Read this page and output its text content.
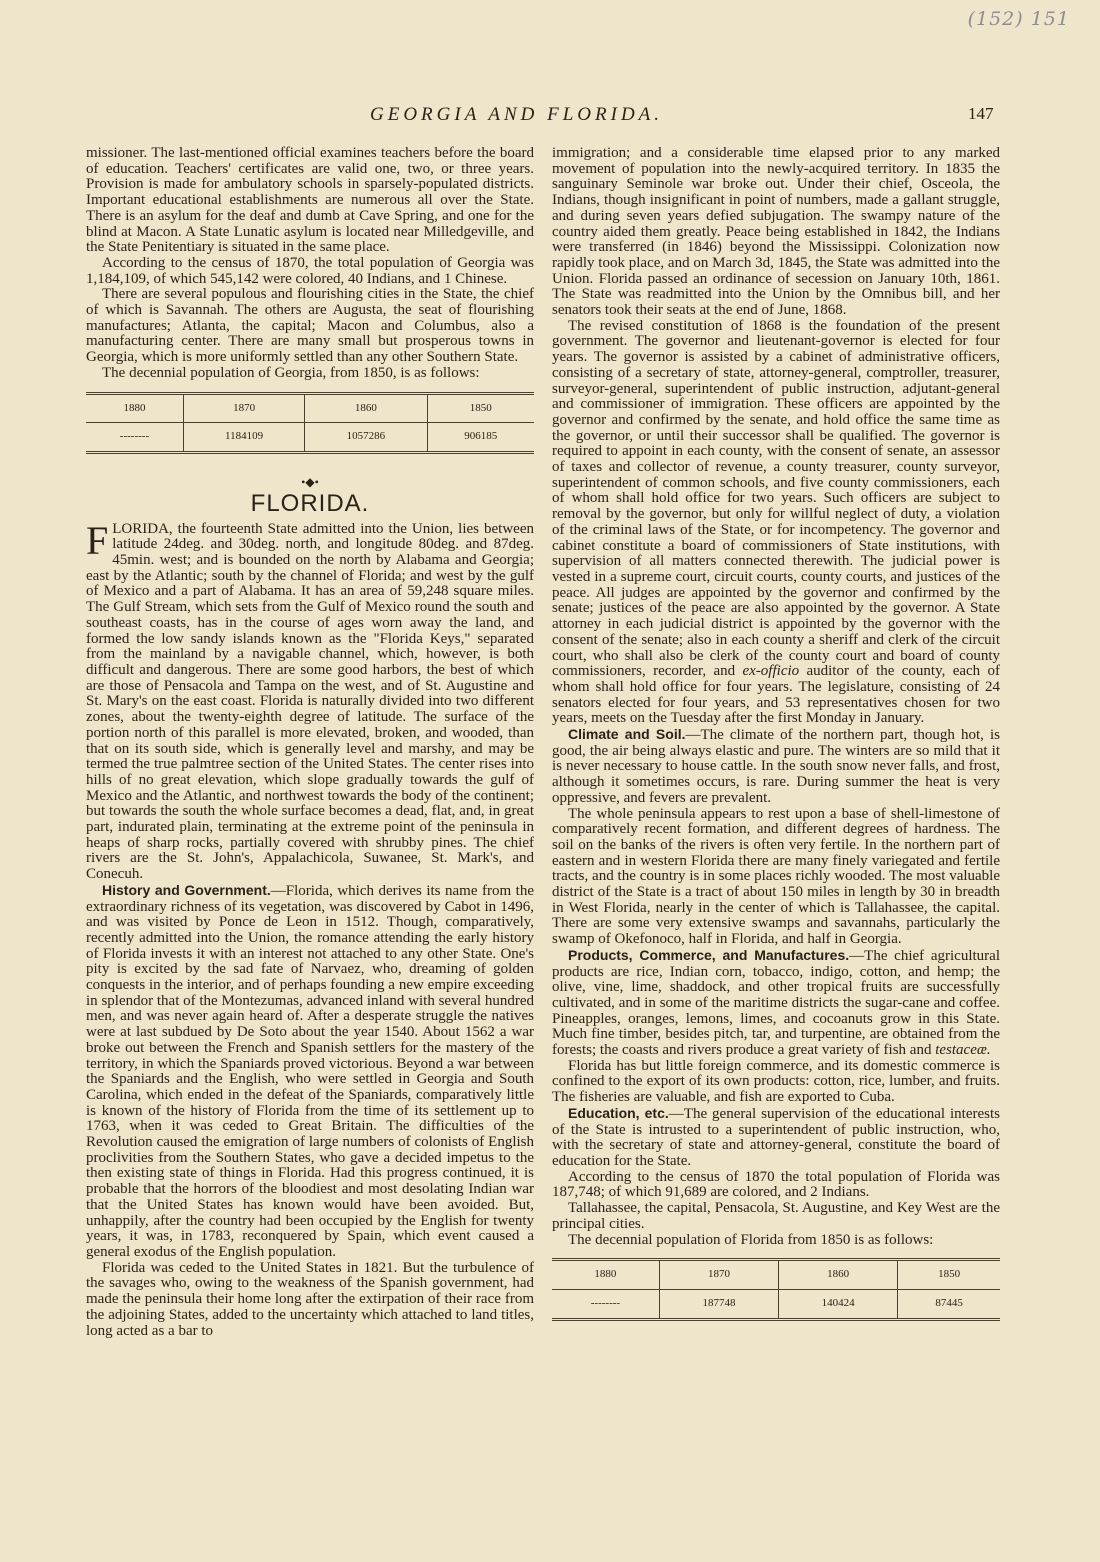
(152) 151
GEORGIA AND FLORIDA.	147

missioner. The last-mentioned official examines teachers before the board of education. Teachers' certificates are valid one, two, or three years. Provision is made for ambulatory schools in sparsely-populated districts. Important educational establishments are numerous all over the State. There is an asylum for the deaf and dumb at Cave Spring, and one for the blind at Macon. A State Lunatic asylum is located near Milledgeville, and the State Penitentiary is situated in the same place.

According to the census of 1870, the total population of Georgia was 1,184,109, of which 545,142 were colored, 40 Indians, and 1 Chinese.

There are several populous and flourishing cities in the State, the chief of which is Savannah. The others are Augusta, the seat of flourishing manufactures; Atlanta, the capital; Macon and Columbus, also a manufacturing center. There are many small but prosperous towns in Georgia, which is more uniformly settled than any other Southern State.

The decennial population of Georgia, from 1850, is as follows:

1880	1870	1860	1850
--------	1184109	1057286	906185
•◆•
FLORIDA.

FLORIDA, the fourteenth State admitted into the Union, lies between latitude 24deg. and 30deg. north, and longitude 80deg. and 87deg. 45min. west; and is bounded on the north by Alabama and Georgia; east by the Atlantic; south by the channel of Florida; and west by the gulf of Mexico and a part of Alabama. It has an area of 59,248 square miles. The Gulf Stream, which sets from the Gulf of Mexico round the south and southeast coasts, has in the course of ages worn away the land, and formed the low sandy islands known as the "Florida Keys," separated from the mainland by a navigable channel, which, however, is both difficult and dangerous. There are some good harbors, the best of which are those of Pensacola and Tampa on the west, and of St. Augustine and St. Mary's on the east coast. Florida is naturally divided into two different zones, about the twenty-eighth degree of latitude. The surface of the portion north of this parallel is more elevated, broken, and wooded, than that on its south side, which is generally level and marshy, and may be termed the true palmtree section of the United States. The center rises into hills of no great elevation, which slope gradually towards the gulf of Mexico and the Atlantic, and northwest towards the body of the continent; but towards the south the whole surface becomes a dead, flat, and, in great part, indurated plain, terminating at the extreme point of the peninsula in heaps of sharp rocks, partially covered with shrubby pines. The chief rivers are the St. John's, Appalachicola, Suwanee, St. Mark's, and Conecuh.

History and Government.—Florida, which derives its name from the extraordinary richness of its vegetation, was discovered by Cabot in 1496, and was visited by Ponce de Leon in 1512. Though, comparatively, recently admitted into the Union, the romance attending the early history of Florida invests it with an interest not attached to any other State. One's pity is excited by the sad fate of Narvaez, who, dreaming of golden conquests in the interior, and of perhaps founding a new empire exceeding in splendor that of the Montezumas, advanced inland with several hundred men, and was never again heard of. After a desperate struggle the natives were at last subdued by De Soto about the year 1540. About 1562 a war broke out between the French and Spanish settlers for the mastery of the territory, in which the Spaniards proved victorious. Beyond a war between the Spaniards and the English, who were settled in Georgia and South Carolina, which ended in the defeat of the Spaniards, comparatively little is known of the history of Florida from the time of its settlement up to 1763, when it was ceded to Great Britain. The difficulties of the Revolution caused the emigration of large numbers of colonists of English proclivities from the Southern States, who gave a decided impetus to the then existing state of things in Florida. Had this progress continued, it is probable that the horrors of the bloodiest and most desolating Indian war that the United States has known would have been avoided. But, unhappily, after the country had been occupied by the English for twenty years, it was, in 1783, reconquered by Spain, which event caused a general exodus of the English population.

Florida was ceded to the United States in 1821. But the turbulence of the savages who, owing to the weakness of the Spanish government, had made the peninsula their home long after the extirpation of their race from the adjoining States, added to the uncertainty which attached to land titles, long acted as a bar to

immigration; and a considerable time elapsed prior to any marked movement of population into the newly-acquired territory. In 1835 the sanguinary Seminole war broke out. Under their chief, Osceola, the Indians, though insignificant in point of numbers, made a gallant struggle, and during seven years defied subjugation. The swampy nature of the country aided them greatly. Peace being established in 1842, the Indians were transferred (in 1846) beyond the Mississippi. Colonization now rapidly took place, and on March 3d, 1845, the State was admitted into the Union. Florida passed an ordinance of secession on January 10th, 1861. The State was readmitted into the Union by the Omnibus bill, and her senators took their seats at the end of June, 1868.

The revised constitution of 1868 is the foundation of the present government. The governor and lieutenant-governor is elected for four years. The governor is assisted by a cabinet of administrative officers, consisting of a secretary of state, attorney-general, comptroller, treasurer, surveyor-general, superintendent of public instruction, adjutant-general and commissioner of immigration. These officers are appointed by the governor and confirmed by the senate, and hold office the same time as the governor, or until their successor shall be qualified. The governor is required to appoint in each county, with the consent of senate, an assessor of taxes and collector of revenue, a county treasurer, county surveyor, superintendent of common schools, and five county commissioners, each of whom shall hold office for two years. Such officers are subject to removal by the governor, but only for willful neglect of duty, a violation of the criminal laws of the State, or for incompetency. The governor and cabinet constitute a board of commissioners of State institutions, with supervision of all matters connected therewith. The judicial power is vested in a supreme court, circuit courts, county courts, and justices of the peace. All judges are appointed by the governor and confirmed by the senate; justices of the peace are also appointed by the governor. A State attorney in each judicial district is appointed by the governor with the consent of the senate; also in each county a sheriff and clerk of the circuit court, who shall also be clerk of the county court and board of county commissioners, recorder, and ex-officio auditor of the county, each of whom shall hold office for four years. The legislature, consisting of 24 senators elected for four years, and 53 representatives chosen for two years, meets on the Tuesday after the first Monday in January.

Climate and Soil.—The climate of the northern part, though hot, is good, the air being always elastic and pure. The winters are so mild that it is never necessary to house cattle. In the south snow never falls, and frost, although it sometimes occurs, is rare. During summer the heat is very oppressive, and fevers are prevalent.

The whole peninsula appears to rest upon a base of shell-limestone of comparatively recent formation, and different degrees of hardness. The soil on the banks of the rivers is often very fertile. In the northern part of eastern and in western Florida there are many finely variegated and fertile tracts, and the country is in some places richly wooded. The most valuable district of the State is a tract of about 150 miles in length by 30 in breadth in West Florida, nearly in the center of which is Tallahassee, the capital. There are some very extensive swamps and savannahs, particularly the swamp of Okefonoco, half in Florida, and half in Georgia.

Products, Commerce, and Manufactures.—The chief agricultural products are rice, Indian corn, tobacco, indigo, cotton, and hemp; the olive, vine, lime, shaddock, and other tropical fruits are successfully cultivated, and in some of the maritime districts the sugar-cane and coffee. Pineapples, oranges, lemons, limes, and cocoanuts grow in this State. Much fine timber, besides pitch, tar, and turpentine, are obtained from the forests; the coasts and rivers produce a great variety of fish and testaceæ.

Florida has but little foreign commerce, and its domestic commerce is confined to the export of its own products: cotton, rice, lumber, and fruits. The fisheries are valuable, and fish are exported to Cuba.

Education, etc.—The general supervision of the educational interests of the State is intrusted to a superintendent of public instruction, who, with the secretary of state and attorney-general, constitute the board of education for the State.

According to the census of 1870 the total population of Florida was 187,748; of which 91,689 are colored, and 2 Indians.

Tallahassee, the capital, Pensacola, St. Augustine, and Key West are the principal cities.

The decennial population of Florida from 1850 is as follows:

1880	1870	1860	1850
--------	187748	140424	87445
